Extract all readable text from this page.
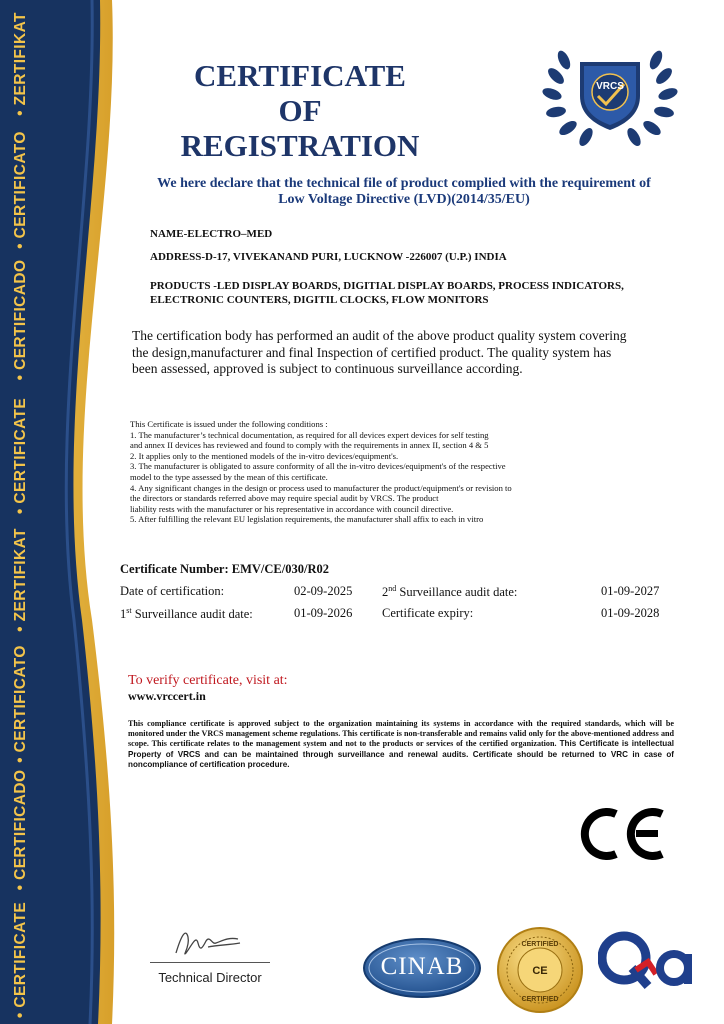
• ZERTIFIKAT
• CERTIFICATO
• CERTIFICADO
• CERTIFICATE
• ZERTIFIKAT
• CERTIFICATO
• CERTIFICADO
• CERTIFICATE
CERTIFICATE
OF REGISTRATION
VRCS
We here declare that the technical file of product complied with the requirement of
Low Voltage Directive (LVD)(2014/35/EU)
NAME-ELECTRO–MED
ADDRESS-D-17, VIVEKANAND PURI, LUCKNOW -226007 (U.P.) INDIA
PRODUCTS -LED DISPLAY BOARDS, DIGITIAL DISPLAY BOARDS, PROCESS INDICATORS,
ELECTRONIC COUNTERS, DIGITIL CLOCKS, FLOW MONITORS
The certification body has performed an audit of the above product quality system covering
the design,manufacturer and final Inspection of certified product. The quality system has
been assessed, approved is subject to continuous surveillance according.
This Certificate is issued under the following conditions :
1. The manufacturer’s technical documentation, as required for all devices expert devices for self testing
and annex II devices has reviewed and found to comply with the requirements in annex II, section 4 & 5
2. It applies only to the mentioned models of the in-vitro devices/equipment's.
3. The manufacturer is obligated to assure conformity of all the in-vitro devices/equipment's of the respective
model to the type assessed by the mean of this certificate.
4. Any significant changes in the design or process used to manufacturer the product/equipment's or revision to
the directors or standards referred above may require special audit by VRCS. The product
liability rests with the manufacturer or his representative in accordance with council directive.
5. After fulfilling the relevant EU legislation requirements, the manufacturer shall affix to each in vitro
Certificate Number: EMV/CE/030/R02
Date of certification:	02-09-2025 2nd Surveillance audit date:	01-09-2027
1st Surveillance audit date:	01-09-2026 Certificate expiry:	01-09-2028
To verify certificate, visit at:
www.vrccert.in
This compliance certificate is approved subject to the organization maintaining its systems in accordance with the required standards, which will be monitored under the VRCS management scheme regulations. This certificate is non-transferable and remains valid only for the above-mentioned address and scope. This certificate relates to the management system and not to the products or services of the certified organization. This Certificate is intellectual Property of VRCS and can be maintained through surveillance and renewal audits. Certificate should be returned to VRC in case of noncompliance of certification procedure.
Technical Director	CINAB
CERTIFIED
CERTIFIED
CE
